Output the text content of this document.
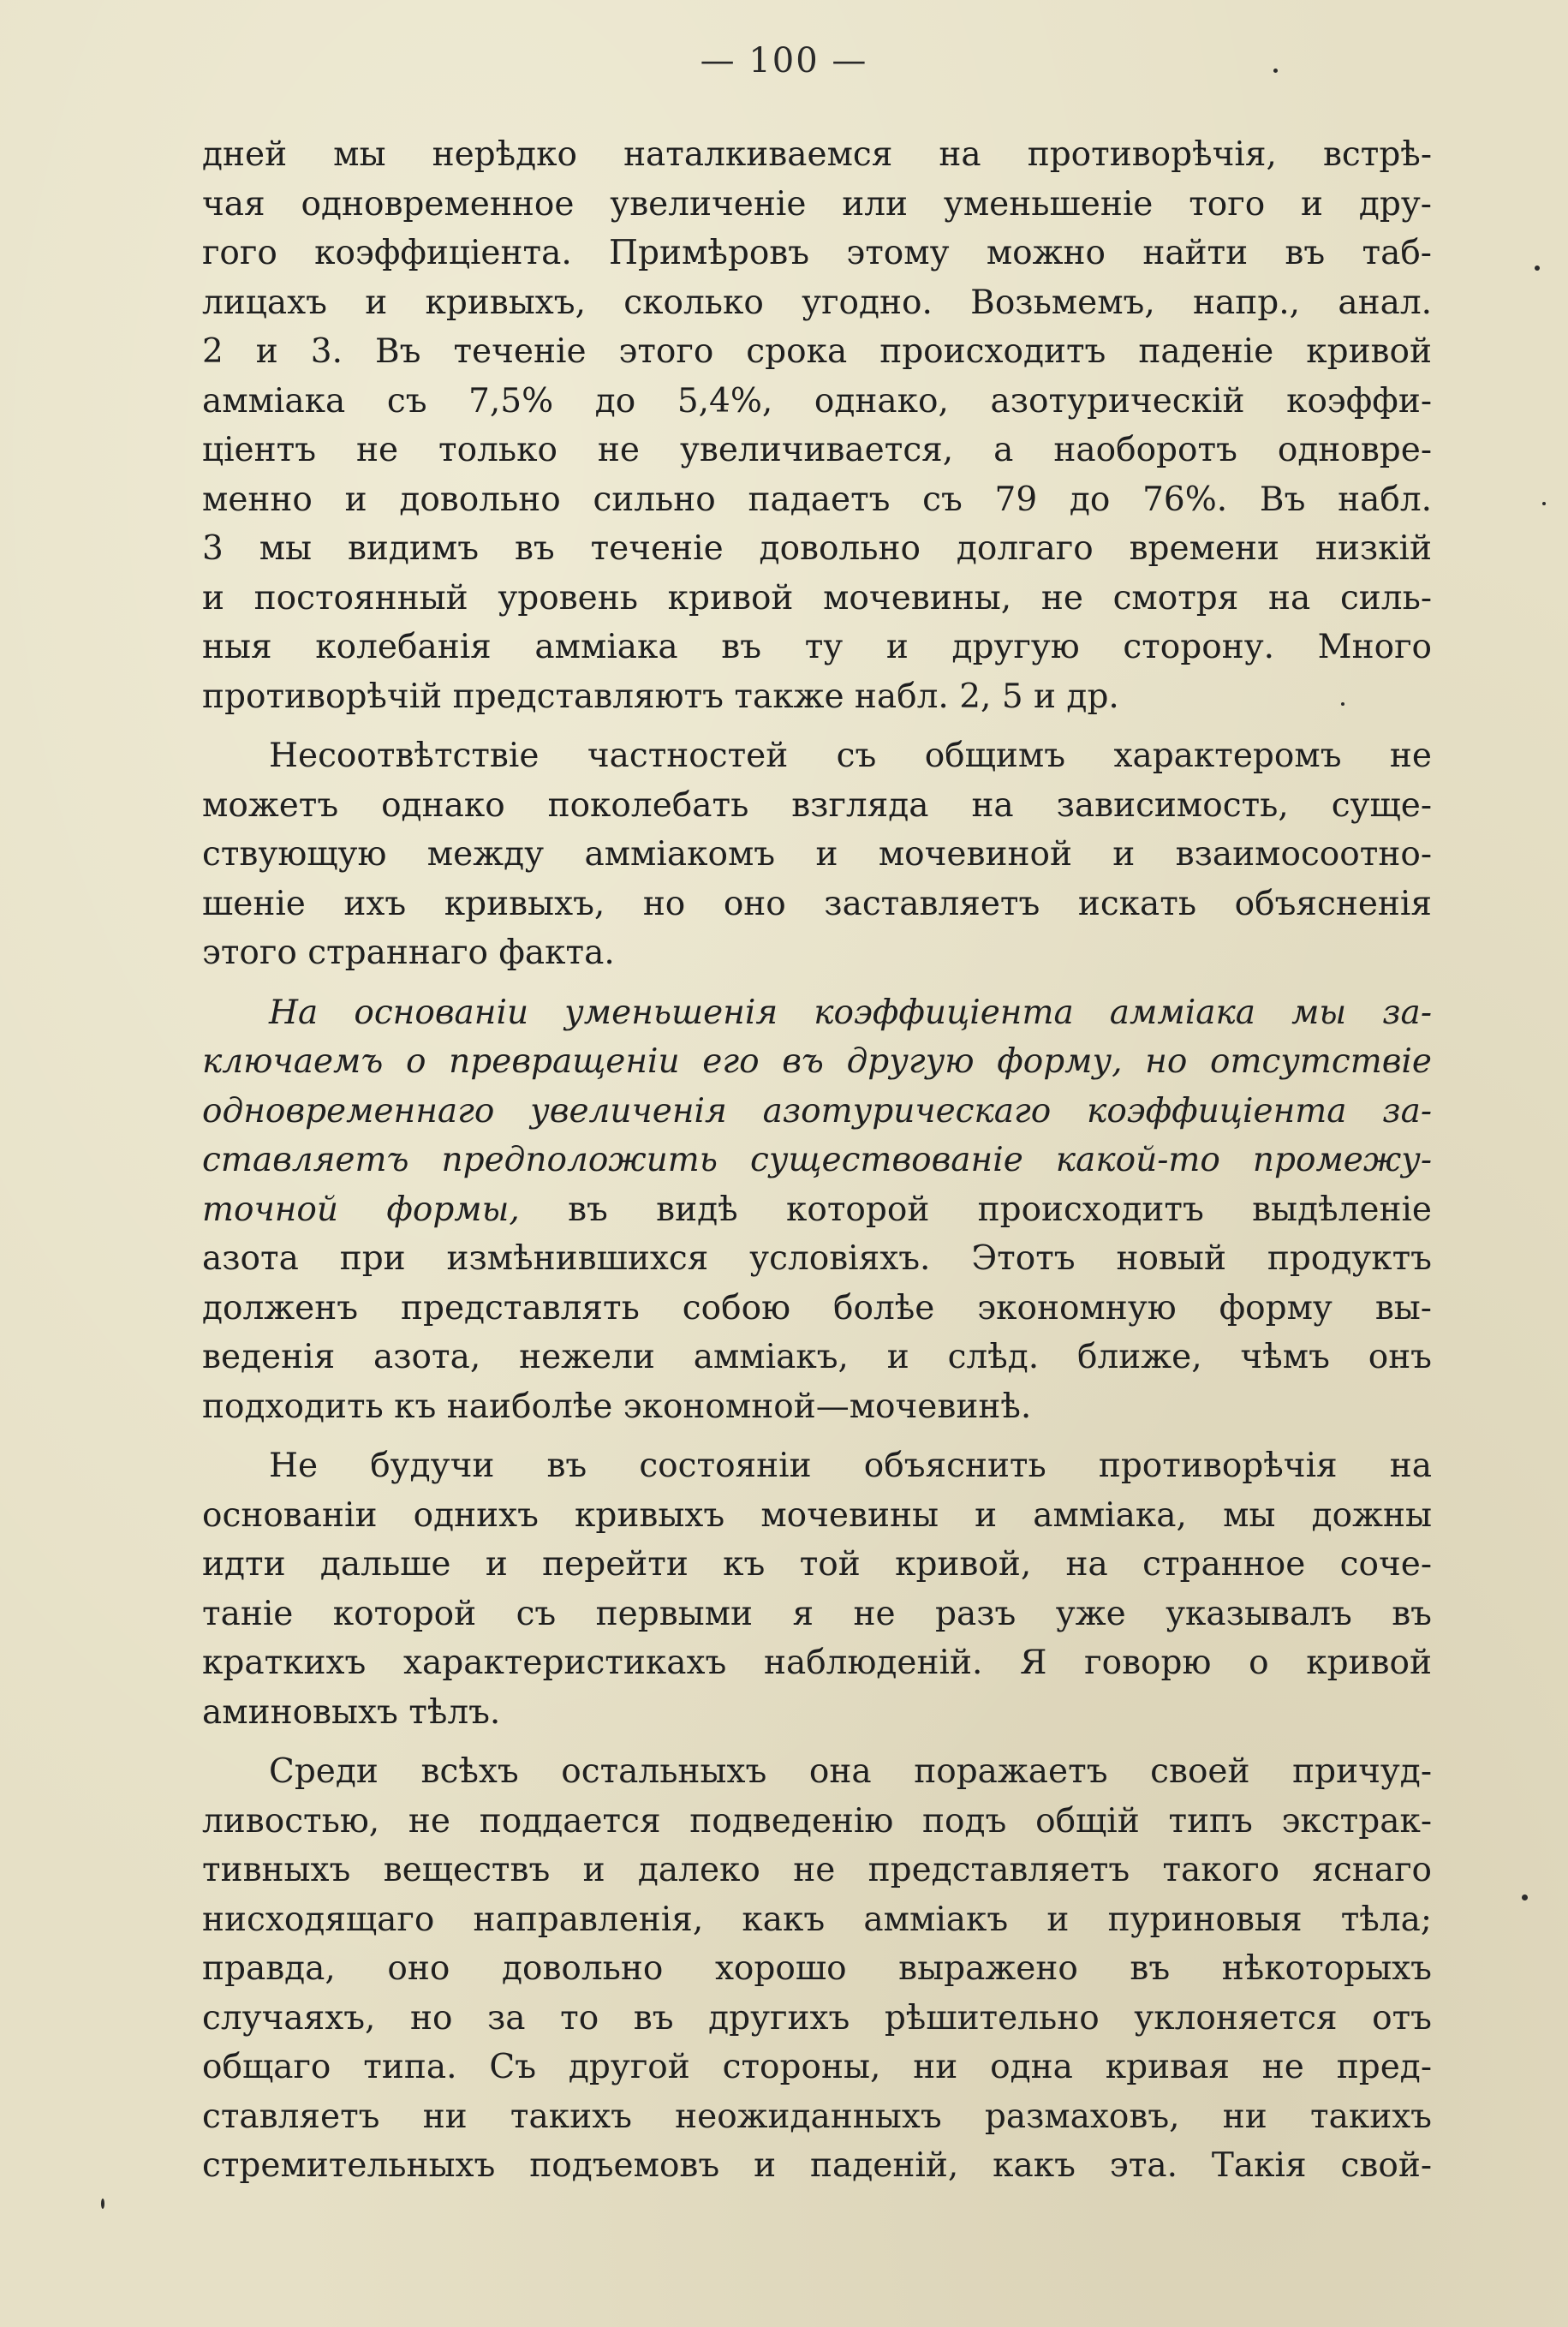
— 100 —
дней мы нерѣдко наталкиваемся на противорѣчія, встрѣ-
чая одновременное увеличеніе или уменьшеніе того и дру-
гого коэффиціента. Примѣровъ этому можно найти въ таб-
лицахъ и кривыхъ, сколько угодно. Возьмемъ, напр., анал.
2 и 3. Въ теченіе этого срока происходитъ паденіе кривой
амміака съ 7,5% до 5,4%, однако, азотурическій коэффи-
ціентъ не только не увеличивается, а наоборотъ одновре-
менно и довольно сильно падаетъ съ 79 до 76%. Въ набл.
3 мы видимъ въ теченіе довольно долгаго времени низкій
и постоянный уровень кривой мочевины, не смотря на силь-
ныя колебанія амміака въ ту и другую сторону. Много
противорѣчій представляютъ также набл. 2, 5 и др.
Несоотвѣтствіе частностей съ общимъ характеромъ не
можетъ однако поколебать взгляда на зависимость, суще-
ствующую между амміакомъ и мочевиной и взаимосоотно-
шеніе ихъ кривыхъ, но оно заставляетъ искать объясненія
этого страннаго факта.
На основаніи уменьшенія коэффиціента амміака мы за-
ключаемъ о превращеніи его въ другую форму, но отсутствіе
одновременнаго увеличенія азотурическаго коэффиціента за-
ставляетъ предположить существованіе какой-то промежу-
точной формы, въ видѣ которой происходитъ выдѣленіе
азота при измѣнившихся условіяхъ. Этотъ новый продуктъ
долженъ представлять собою болѣе экономную форму вы-
веденія азота, нежели амміакъ, и слѣд. ближе, чѣмъ онъ
подходить къ наиболѣе экономной—мочевинѣ.
Не будучи въ состояніи объяснить противорѣчія на
основаніи однихъ кривыхъ мочевины и амміака, мы дожны
идти дальше и перейти къ той кривой, на странное соче-
таніе которой съ первыми я не разъ уже указывалъ въ
краткихъ характеристикахъ наблюденій. Я говорю о кривой
аминовыхъ тѣлъ.
Среди всѣхъ остальныхъ она поражаетъ своей причуд-
ливостью, не поддается подведенію подъ общій типъ экстрак-
тивныхъ веществъ и далеко не представляетъ такого яснаго
нисходящаго направленія, какъ амміакъ и пуриновыя тѣла;
правда, оно довольно хорошо выражено въ нѣкоторыхъ
случаяхъ, но за то въ другихъ рѣшительно уклоняется отъ
общаго типа. Съ другой стороны, ни одна кривая не пред-
ставляетъ ни такихъ неожиданныхъ размаховъ, ни такихъ
стремительныхъ подъемовъ и паденій, какъ эта. Такія свой-
